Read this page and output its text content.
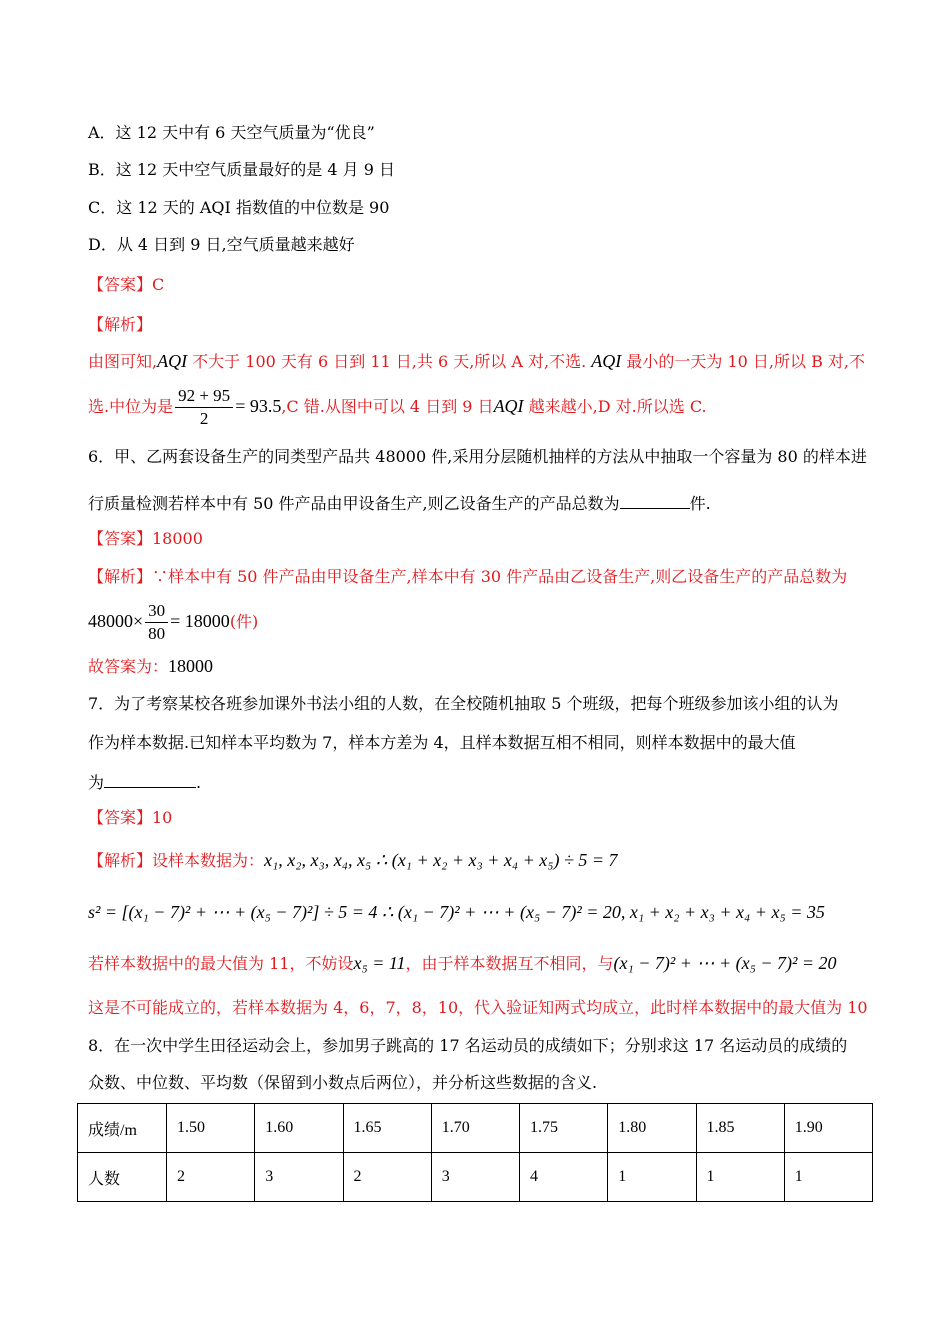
A．这 12 天中有 6 天空气质量为“优良”
B．这 12 天中空气质量最好的是 4 月 9 日
C．这 12 天的 AQI 指数值的中位数是 90
D．从 4 日到 9 日,空气质量越来越好
【答案】C
【解析】
由图可知,AQI 不大于 100 天有 6 日到 11 日,共 6 天,所以 A 对,不选. AQI 最小的一天为 10 日,所以 B 对,不
选.中位为是 $\frac{92 + 95}{2} = 93.5,C$ 错.从图中可以 4 日到 9 日AQI 越来越小,D 对.所以选 C.
6．甲、乙两套设备生产的同类型产品共 48000 件,采用分层随机抽样的方法从中抽取一个容量为 80 的样本进
行质量检测若样本中有 50 件产品由甲设备生产,则乙设备生产的产品总数为	件.
【答案】18000
【解析】∵样本中有 50 件产品由甲设备生产,样本中有 30 件产品由乙设备生产,则乙设备生产的产品总数为
$48000\times \frac{30}{80} = 18000$(件)
故答案为：18000
7．为了考察某校各班参加课外书法小组的人数，在全校随机抽取 5 个班级，把每个班级参加该小组的认为
作为样本数据.已知样本平均数为 7，样本方差为 4，且样本数据互相不相同，则样本数据中的最大值
为	.
【答案】10
【解析】设样本数据为：x₁, x₂, x₃, x₄, x₅ ∴ (x₁ + x₂ + x₃ + x₄ + x₅) ÷ 5 = 7
s² = [(x₁ − 7)² + ⋯ + (x₅ − 7)²] ÷ 5 = 4 ∴ (x₁ − 7)² + ⋯ + (x₅ − 7)² = 20, x₁ + x₂ + x₃ + x₄ + x₅ = 35
若样本数据中的最大值为 11，不妨设x₅ = 11，由于样本数据互不相同，与(x₁ − 7)² + ⋯ + (x₅ − 7)² = 20
这是不可能成立的，若样本数据为 4，6，7，8，10，代入验证知两式均成立，此时样本数据中的最大值为 10
8．在一次中学生田径运动会上，参加男子跳高的 17 名运动员的成绩如下；分别求这 17 名运动员的成绩的
众数、中位数、平均数（保留到小数点后两位），并分析这些数据的含义.
成绩/m	1.50	1.60	1.65	1.70	1.75	1.80	1.85	1.90
人数	2	3	2	3	4	1	1	1
